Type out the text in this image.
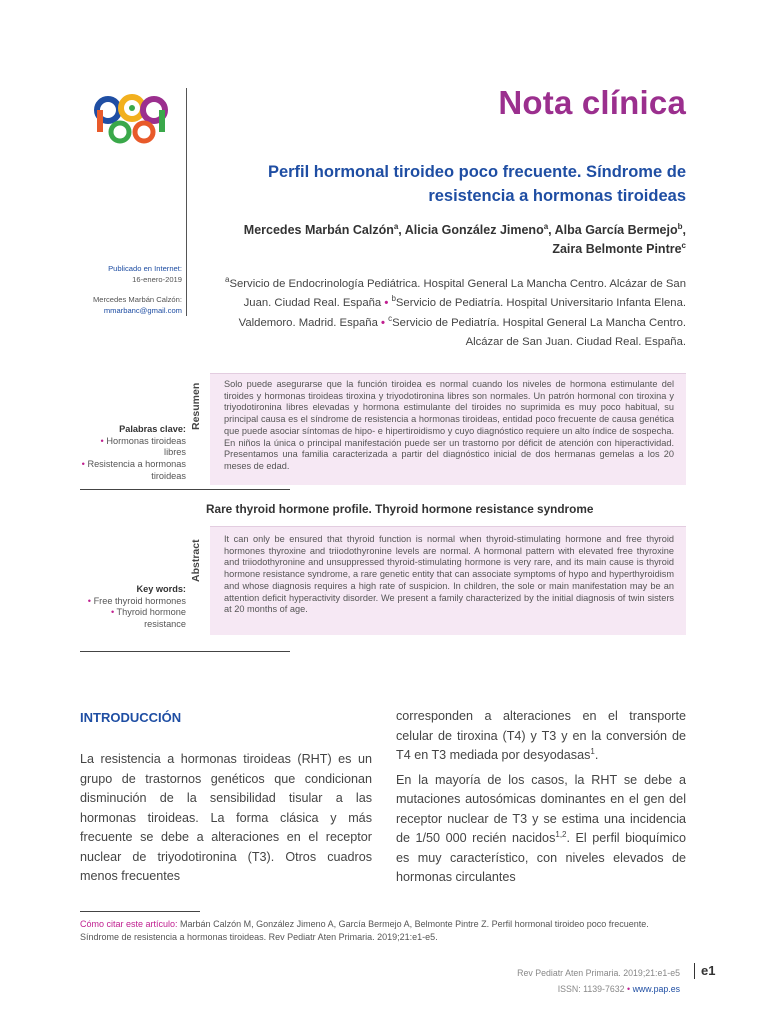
Nota clínica
Perfil hormonal tiroideo poco frecuente. Síndrome de resistencia a hormonas tiroideas
Mercedes Marbán Calzón$^a$, Alicia González Jimeno$^a$, Alba García Bermejo$^b$,
Zaira Belmonte Pintre$^c$
$^a$Servicio de Endocrinología Pediátrica. Hospital General La Mancha Centro. Alcázar de San Juan. Ciudad Real. España • $^b$Servicio de Pediatría. Hospital Universitario Infanta Elena. Valdemoro. Madrid. España • $^c$Servicio de Pediatría. Hospital General La Mancha Centro. Alcázar de San Juan. Ciudad Real. España.
Publicado en Internet:
16-enero-2019
Mercedes Marbán Calzón:
mmarbanc@gmail.com
Resumen Solo puede asegurarse que la función tiroidea es normal cuando los niveles de hormona estimulante del tiroides y hormonas tiroideas tiroxina y triyodotironina libres son normales. Un patrón hormonal con tiroxina y triyodotironina libres elevadas y hormona estimulante del tiroides no suprimida es muy poco habitual, su principal causa es el síndrome de resistencia a hormonas tiroideas, entidad poco frecuente de causa genética que puede asociar síntomas de hipo- e hipertiroidismo y cuyo diagnóstico requiere un alto índice de sospecha. En niños la única o principal manifestación puede ser un trastorno por déficit de atención con hiperactividad. Presentamos una familia caracterizada a partir del diagnóstico inicial de dos hermanas gemelas a los 20 meses de edad.
Palabras clave:
• Hormonas tiroideas libres
• Resistencia a hormonas tiroideas
Rare thyroid hormone profile. Thyroid hormone resistance syndrome
Abstract
It can only be ensured that thyroid function is normal when thyroid-stimulating hormone and free thyroid hormones thyroxine and triiodothyronine levels are normal. A hormonal pattern with elevated free thyroxine and triiodothyronine and unsuppressed thyroid-stimulating hormone is very rare, and its main cause is thyroid hormone resistance syndrome, a rare genetic entity that can associate symptoms of hypo and hyperthyroidism and whose diagnosis requires a high rate of suspicion. In children, the sole or main manifestation may be an attention deficit hyperactivity disorder. We present a family characterized by the initial diagnosis of twin sisters at 20 months of age.
Key words:
• Free thyroid hormones
• Thyroid hormone resistance
INTRODUCCIÓN

La resistencia a hormonas tiroideas (RHT) es un grupo de trastornos genéticos que condicionan disminución de la sensibilidad tisular a las hormonas tiroideas. La forma clásica y más frecuente se debe a alteraciones en el receptor nuclear de triyodotironina (T3). Otros cuadros menos frecuentes

corresponden a alteraciones en el transporte celular de tiroxina (T4) y T3 y en la conversión de T4 en T3 mediada por desyodasas$^1$.

En la mayoría de los casos, la RHT se debe a mutaciones autosómicas dominantes en el gen del receptor nuclear de T3 y se estima una incidencia de 1/50 000 recién nacidos$^{1,2}$. El perfil bioquímico es muy característico, con niveles elevados de hormonas circulantes

Cómo citar este artículo: Marbán Calzón M, González Jimeno A, García Bermejo A, Belmonte Pintre Z. Perfil hormonal tiroideo poco frecuente. Síndrome de resistencia a hormonas tiroideas. Rev Pediatr Aten Primaria. 2019;21:e1-e5.
Rev Pediatr Aten Primaria. 2019;21:e1-e5
ISSN: 1139-7632 • www.pap.es
e1
